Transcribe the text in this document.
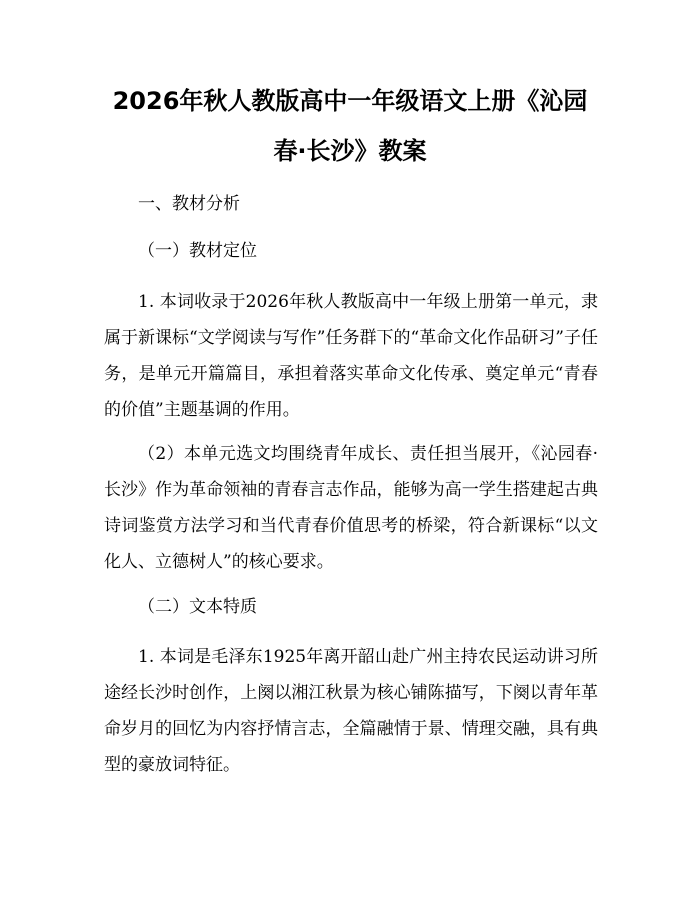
2026年秋人教版高中一年级语文上册《沁园
春·长沙》教案

一、教材分析

（一）教材定位

1. 本词收录于2026年秋人教版高中一年级上册第一单元，隶属于新课标“文学阅读与写作”任务群下的“革命文化作品研习”子任务，是单元开篇篇目，承担着落实革命文化传承、奠定单元“青春的价值”主题基调的作用。

（2）本单元选文均围绕青年成长、责任担当展开，《沁园春·长沙》作为革命领袖的青春言志作品，能够为高一学生搭建起古典诗词鉴赏方法学习和当代青春价值思考的桥梁，符合新课标“以文化人、立德树人”的核心要求。

（二）文本特质

1. 本词是毛泽东1925年离开韶山赴广州主持农民运动讲习所途经长沙时创作，上阕以湘江秋景为核心铺陈描写，下阕以青年革命岁月的回忆为内容抒情言志，全篇融情于景、情理交融，具有典型的豪放词特征。
